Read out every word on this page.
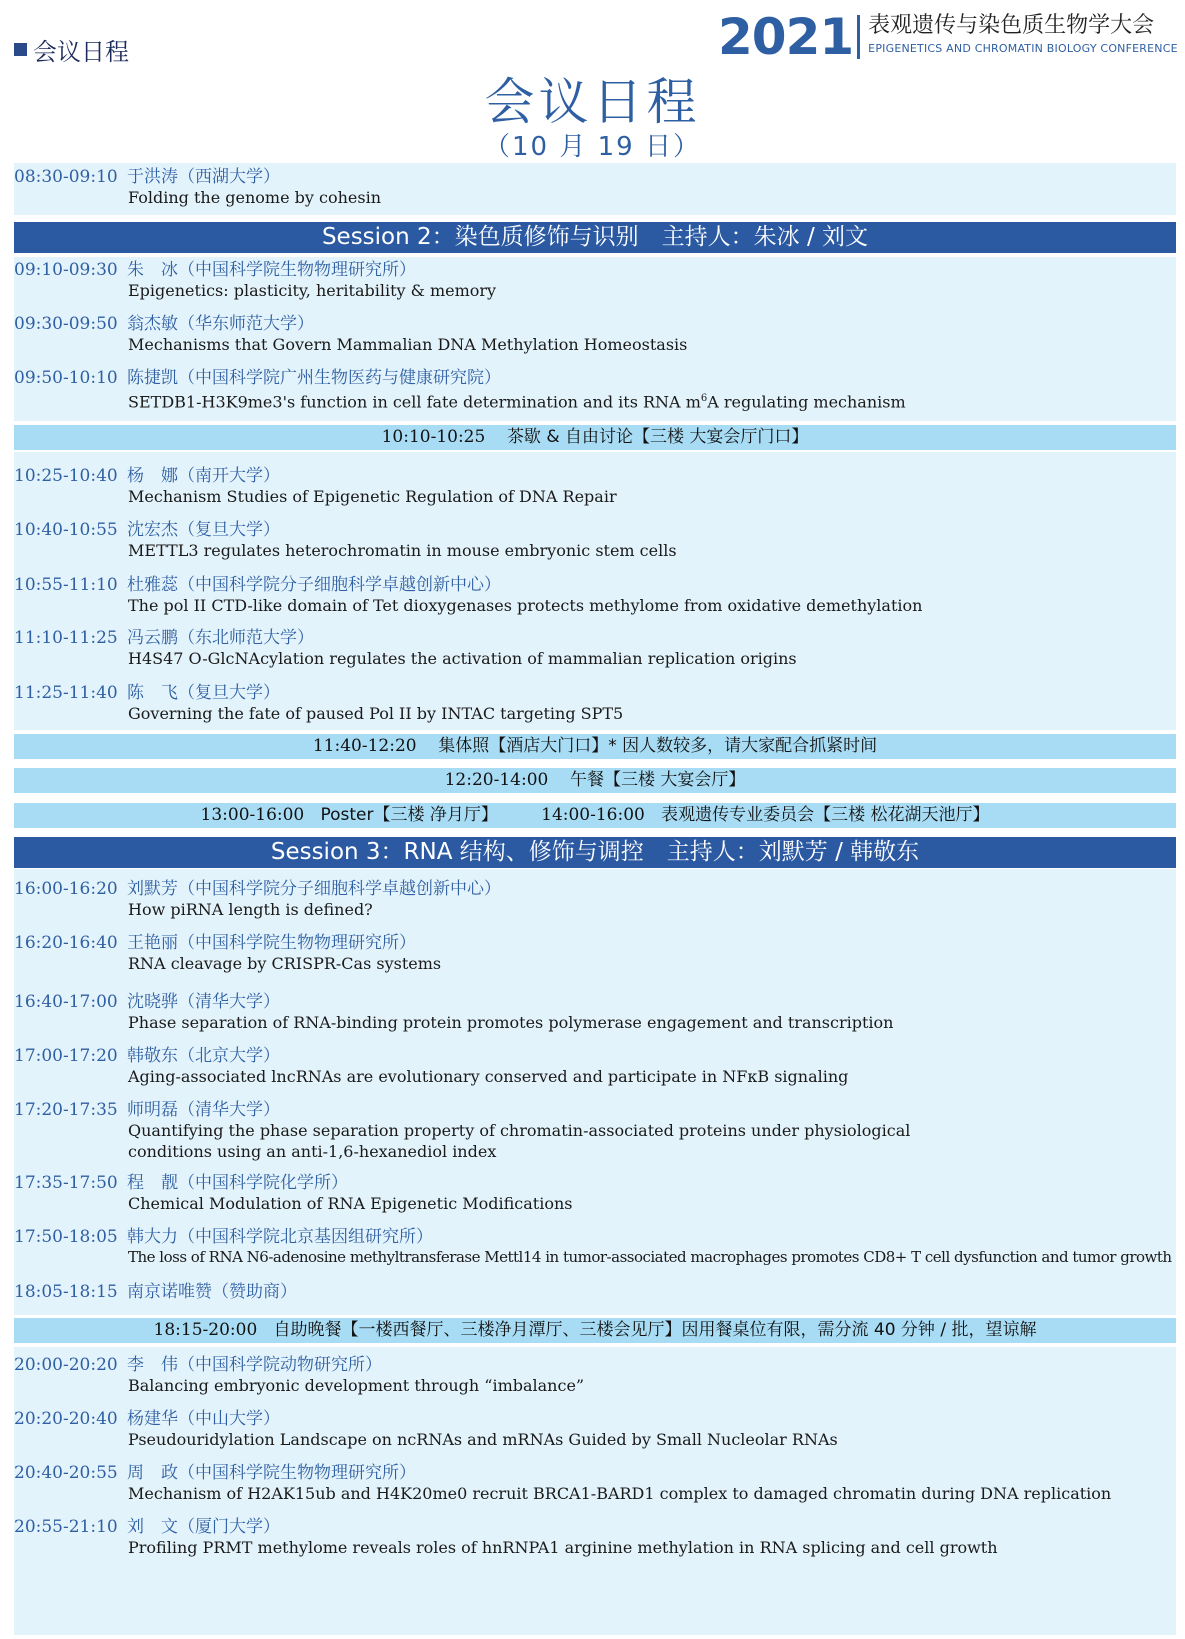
会议日程	2021 表观遗传与染色质生物学大会
EPIGENETICS AND CHROMATIN BIOLOGY CONFERENCE
会议日程
（10 月 19 日）
08:30-09:10 于洪涛（西湖大学）
Folding the genome by cohesin
Session 2：染色质修饰与识别　主持人：朱冰 / 刘文
09:10-09:30 朱　冰（中国科学院生物物理研究所）
Epigenetics: plasticity, heritability & memory
09:30-09:50 翁杰敏（华东师范大学）
Mechanisms that Govern Mammalian DNA Methylation Homeostasis
09:50-10:10 陈捷凯（中国科学院广州生物医药与健康研究院）
SETDB1-H3K9me3's function in cell fate determination and its RNA $m^6A$ regulating mechanism
10:10-10:25 茶歇 & 自由讨论【三楼 大宴会厅门口】
10:25-10:40 杨　娜（南开大学）
Mechanism Studies of Epigenetic Regulation of DNA Repair
10:40-10:55 沈宏杰（复旦大学）
METTL3 regulates heterochromatin in mouse embryonic stem cells
10:55-11:10 杜雅蕊（中国科学院分子细胞科学卓越创新中心）
The pol II CTD-like domain of Tet dioxygenases protects methylome from oxidative demethylation
11:10-11:25 冯云鹏（东北师范大学）
H4S47 O-GlcNAcylation regulates the activation of mammalian replication origins
11:25-11:40 陈　飞（复旦大学）
Governing the fate of paused Pol II by INTAC targeting SPT5
11:40-12:20 集体照【酒店大门口】* 因人数较多，请大家配合抓紧时间
12:20-14:00 午餐【三楼 大宴会厅】
13:00-16:00 Poster【三楼 净月厅】	14:00-16:00 表观遗传专业委员会【三楼 松花湖天池厅】
Session 3：RNA 结构、修饰与调控　主持人：刘默芳 / 韩敬东
16:00-16:20 刘默芳（中国科学院分子细胞科学卓越创新中心）
How piRNA length is defined?
16:20-16:40 王艳丽（中国科学院生物物理研究所）
RNA cleavage by CRISPR-Cas systems
16:40-17:00 沈晓骅（清华大学）
Phase separation of RNA-binding protein promotes polymerase engagement and transcription
17:00-17:20 韩敬东（北京大学）
Aging-associated lncRNAs are evolutionary conserved and participate in NFκB signaling
17:20-17:35 师明磊（清华大学）
Quantifying the phase separation property of chromatin-associated proteins under physiological conditions using an anti-1,6-hexanediol index
17:35-17:50 程　靓（中国科学院化学所）
Chemical Modulation of RNA Epigenetic Modifications
17:50-18:05 韩大力（中国科学院北京基因组研究所）
The loss of RNA N6-adenosine methyltransferase Mettl14 in tumor-associated macrophages promotes CD8+ T cell dysfunction and tumor growth
18:05-18:15 南京诺唯赞（赞助商）
18:15-20:00 自助晚餐【一楼西餐厅、三楼净月潭厅、三楼会见厅】因用餐桌位有限，需分流 40 分钟 / 批，望谅解
20:00-20:20 李　伟（中国科学院动物研究所）
Balancing embryonic development through “imbalance”
20:20-20:40 杨建华（中山大学）
Pseudouridylation Landscape on ncRNAs and mRNAs Guided by Small Nucleolar RNAs
20:40-20:55 周　政（中国科学院生物物理研究所）
Mechanism of H2AK15ub and H4K20me0 recruit BRCA1-BARD1 complex to damaged chromatin during DNA replication
20:55-21:10 刘　文（厦门大学）
Profiling PRMT methylome reveals roles of hnRNPA1 arginine methylation in RNA splicing and cell growth
